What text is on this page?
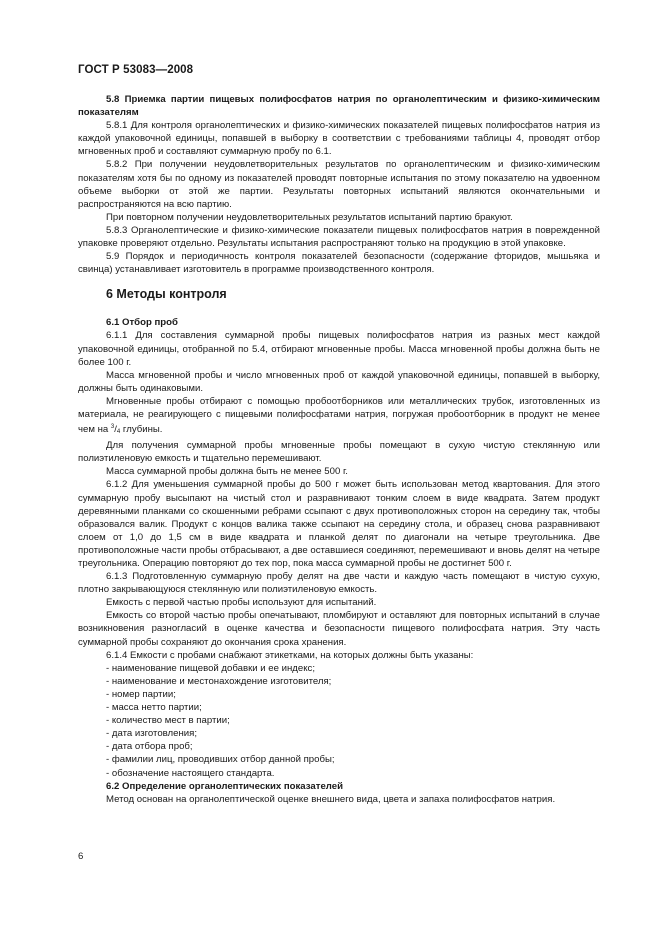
ГОСТ Р 53083—2008

5.8 Приемка партии пищевых полифосфатов натрия по органолептическим и физико-химическим показателям

5.8.1 Для контроля органолептических и физико-химических показателей пищевых полифосфатов натрия из каждой упаковочной единицы, попавшей в выборку в соответствии с требованиями таблицы 4, проводят отбор мгновенных проб и составляют суммарную пробу по 6.1.

5.8.2 При получении неудовлетворительных результатов по органолептическим и физико-химическим показателям хотя бы по одному из показателей проводят повторные испытания по этому показателю на удвоенном объеме выборки от этой же партии. Результаты повторных испытаний являются окончательными и распространяются на всю партию.

При повторном получении неудовлетворительных результатов испытаний партию бракуют.

5.8.3 Органолептические и физико-химические показатели пищевых полифосфатов натрия в поврежденной упаковке проверяют отдельно. Результаты испытания распространяют только на продукцию в этой упаковке.

5.9 Порядок и периодичность контроля показателей безопасности (содержание фторидов, мышьяка и свинца) устанавливает изготовитель в программе производственного контроля.

6 Методы контроля

6.1 Отбор проб

6.1.1 Для составления суммарной пробы пищевых полифосфатов натрия из разных мест каждой упаковочной единицы, отобранной по 5.4, отбирают мгновенные пробы. Масса мгновенной пробы должна быть не более 100 г.

Масса мгновенной пробы и число мгновенных проб от каждой упаковочной единицы, попавшей в выборку, должны быть одинаковыми.

Мгновенные пробы отбирают с помощью пробоотборников или металлических трубок, изготовленных из материала, не реагирующего с пищевыми полифосфатами натрия, погружая пробоотборник в продукт не менее чем на $^3/_4$ глубины.

Для получения суммарной пробы мгновенные пробы помещают в сухую чистую стеклянную или полиэтиленовую емкость и тщательно перемешивают.

Масса суммарной пробы должна быть не менее 500 г.

6.1.2 Для уменьшения суммарной пробы до 500 г может быть использован метод квартования. Для этого суммарную пробу высыпают на чистый стол и разравнивают тонким слоем в виде квадрата. Затем продукт деревянными планками со скошенными ребрами ссыпают с двух противоположных сторон на середину так, чтобы образовался валик. Продукт с концов валика также ссыпают на середину стола, и образец снова разравнивают слоем от 1,0 до 1,5 см в виде квадрата и планкой делят по диагонали на четыре треугольника. Две противоположные части пробы отбрасывают, а две оставшиеся соединяют, перемешивают и вновь делят на четыре треугольника. Операцию повторяют до тех пор, пока масса суммарной пробы не достигнет 500 г.

6.1.3 Подготовленную суммарную пробу делят на две части и каждую часть помещают в чистую сухую, плотно закрывающуюся стеклянную или полиэтиленовую емкость.

Емкость с первой частью пробы используют для испытаний.

Емкость со второй частью пробы опечатывают, пломбируют и оставляют для повторных испытаний в случае возникновения разногласий в оценке качества и безопасности пищевого полифосфата натрия. Эту часть суммарной пробы сохраняют до окончания срока хранения.

6.1.4 Емкости с пробами снабжают этикетками, на которых должны быть указаны:

- наименование пищевой добавки и ее индекс;

- наименование и местонахождение изготовителя;

- номер партии;

- масса нетто партии;

- количество мест в партии;

- дата изготовления;

- дата отбора проб;

- фамилии лиц, проводивших отбор данной пробы;

- обозначение настоящего стандарта.

6.2 Определение органолептических показателей

Метод основан на органолептической оценке внешнего вида, цвета и запаха полифосфатов натрия.

6
